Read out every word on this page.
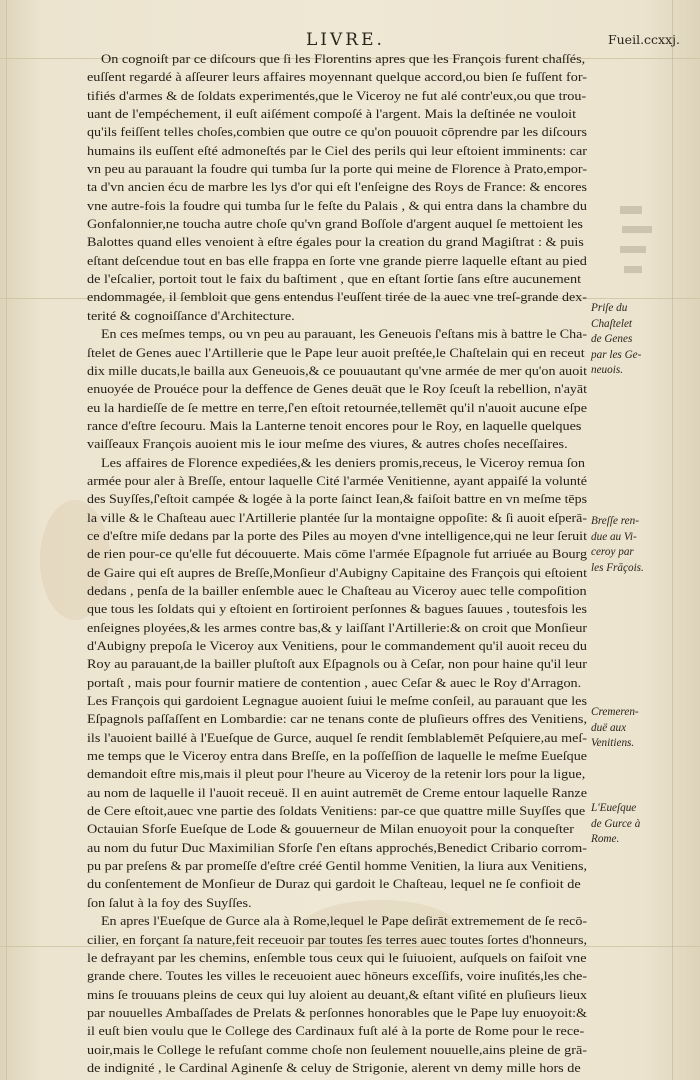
LIVRE.	Fueil.ccxxj.
On cognoiſt par ce diſcours que ſi les Florentins apres que les François furent chaſſés,
euſſent regardé à aſſeurer leurs affaires moyennant quelque accord,ou bien ſe fuſſent for-
tifiés d'armes & de ſoldats experimentés,que le Viceroy ne fut alé contr'eux,ou que trou-
uant de l'empéchement, il euſt aiſément compoſé à l'argent. Mais la deſtinée ne vouloit
qu'ils feiſſent telles choſes,combien que outre ce qu'on pouuoit cōprendre par les diſcours
humains ils euſſent eſté admoneſtés par le Ciel des perils qui leur eſtoient imminents: car
vn peu au parauant la foudre qui tumba ſur la porte qui meine de Florence à Prato,empor-
ta d'vn ancien écu de marbre les lys d'or qui eſt l'enſeigne des Roys de France: & encores
vne autre-fois la foudre qui tumba ſur le feſte du Palais , & qui entra dans la chambre du
Gonfalonnier,ne toucha autre choſe qu'vn grand Boſſole d'argent auquel ſe mettoient les
Balottes quand elles venoient à eſtre égales pour la creation du grand Magiſtrat : & puis
eſtant deſcendue tout en bas elle frappa en ſorte vne grande pierre laquelle eſtant au pied
de l'eſcalier, portoit tout le faix du baſtiment , que en eſtant ſortie ſans eſtre aucunement
endommagée, il ſembloit que gens entendus l'euſſent tirée de la auec vne treſ-grande dex-
terité & cognoiſſance d'Architecture.
En ces meſmes temps, ou vn peu au parauant, les Geneuois ſ'eſtans mis à battre le Cha-
ſtelet de Genes auec l'Artillerie que le Pape leur auoit preſtée,le Chaſtelain qui en receut
dix mille ducats,le bailla aux Geneuois,& ce pouuautant qu'vne armée de mer qu'on auoit
enuoyée de Prouéce pour la deffence de Genes deuāt que le Roy ſceuſt la rebellion, n'ayāt
eu la hardieſſe de ſe mettre en terre,ſ'en eſtoit retournée,tellemēt qu'il n'auoit aucune eſpe
rance d'eſtre ſecouru. Mais la Lanterne tenoit encores pour le Roy, en laquelle quelques
vaiſſeaux François auoient mis le iour meſme des viures, & autres choſes neceſſaires.
Les affaires de Florence expediées,& les deniers promis,receus, le Viceroy remua ſon
armée pour aler à Breſſe, entour laquelle Cité l'armée Venitienne, ayant appaiſé la volunté
des Suyſſes,ſ'eſtoit campée & logée à la porte ſainct Iean,& faiſoit battre en vn meſme tēps
la ville & le Chaſteau auec l'Artillerie plantée ſur la montaigne oppoſite: & ſi auoit eſperā-
ce d'eſtre miſe dedans par la porte des Piles au moyen d'vne intelligence,qui ne leur ſeruit
de rien pour-ce qu'elle fut découuerte. Mais cōme l'armée Eſpagnole fut arriuée au Bourg
de Gaire qui eſt aupres de Breſſe,Monſieur d'Aubigny Capitaine des François qui eſtoient
dedans , penſa de la bailler enſemble auec le Chaſteau au Viceroy auec telle compoſition
que tous les ſoldats qui y eſtoient en ſortiroient perſonnes & bagues ſauues , toutesfois les
enſeignes ployées,& les armes contre bas,& y laiſſant l'Artillerie:& on croit que Monſieur
d'Aubigny prepoſa le Viceroy aux Venitiens, pour le commandement qu'il auoit receu du
Roy au parauant,de la bailler pluſtoſt aux Eſpagnols ou à Ceſar, non pour haine qu'il leur
portaſt , mais pour fournir matiere de contention , auec Ceſar & auec le Roy d'Arragon.
Les François qui gardoient Legnague auoient ſuiui le meſme conſeil, au parauant que les
Eſpagnols paſſaſſent en Lombardie: car ne tenans conte de pluſieurs offres des Venitiens,
ils l'auoient baillé à l'Eueſque de Gurce, auquel ſe rendit ſemblablemēt Peſquiere,au meſ-
me temps que le Viceroy entra dans Breſſe, en la poſſeſſion de laquelle le meſme Eueſque
demandoit eſtre mis,mais il pleut pour l'heure au Viceroy de la retenir lors pour la ligue,
au nom de laquelle il l'auoit receuë. Il en auint autremēt de Creme entour laquelle Ranze
de Cere eſtoit,auec vne partie des ſoldats Venitiens: par-ce que quattre mille Suyſſes que
Octauian Sforſe Eueſque de Lode & gouuerneur de Milan enuoyoit pour la conqueſter
au nom du futur Duc Maximilian Sforſe ſ'en eſtans approchés,Benedict Cribario corrom-
pu par preſens & par promeſſe d'eſtre créé Gentil homme Venitien, la liura aux Venitiens,
du conſentement de Monſieur de Duraz qui gardoit le Chaſteau, lequel ne ſe confioit de
ſon ſalut à la foy des Suyſſes.
En apres l'Eueſque de Gurce ala à Rome,lequel le Pape deſirāt extremement de ſe recō-
cilier, en forçant ſa nature,feit receuoir par toutes ſes terres auec toutes ſortes d'honneurs,
le defrayant par les chemins, enſemble tous ceux qui le ſuiuoient, auſquels on faiſoit vne
grande chere. Toutes les villes le receuoient auec hōneurs exceſſifs, voire inuſités,les che-
mins ſe trouuans pleins de ceux qui luy aloient au deuant,& eſtant viſité en pluſieurs lieux
par nouuelles Ambaſſades de Prelats & perſonnes honorables que le Pape luy enuoyoit:&
il euſt bien voulu que le College des Cardinaux fuſt alé à la porte de Rome pour le rece-
uoir,mais le College le refuſant comme choſe non ſeulement nouuelle,ains pleine de grā-
de indignité , le Cardinal Aginenſe & celuy de Strigonie, alerent vn demy mille hors de
Priſe du
Chaſtelet
de Genes
par les Ge-
neuois.
Breſſe ren-
due au Vi-
ceroy par
les Frāçois.
Cremeren-
duë aux
Venitiens.
L'Eueſque
de Gurce à
Rome.
